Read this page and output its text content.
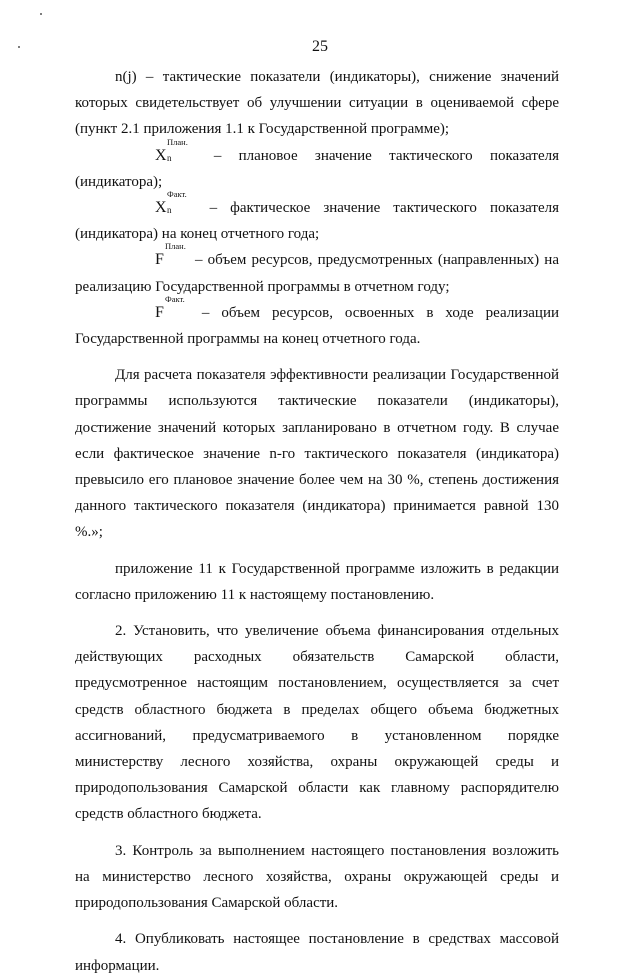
25

n(j) – тактические показатели (индикаторы), снижение значений которых свидетельствует об улучшении ситуации в оцениваемой сфере (пункт 2.1 приложения 1.1 к Государственной программе);

X
План.
n – плановое значение тактического показателя (индикатора);

X
Факт.
n – фактическое значение тактического показателя (индикатора) на конец отчетного года;

F
План.
– объем ресурсов, предусмотренных (направленных) на реализацию Государственной программы в отчетном году;

F
Факт.
– объем ресурсов, освоенных в ходе реализации Государственной программы на конец отчетного года.

Для расчета показателя эффективности реализации Государственной программы используются тактические показатели (индикаторы), достижение значений которых запланировано в отчетном году. В случае если фактическое значение n-го тактического показателя (индикатора) превысило его плановое значение более чем на 30 %, степень достижения данного тактического показателя (индикатора) принимается равной 130 %.»;

приложение 11 к Государственной программе изложить в редакции согласно приложению 11 к настоящему постановлению.

2. Установить, что увеличение объема финансирования отдельных действующих расходных обязательств Самарской области, предусмотренное настоящим постановлением, осуществляется за счет средств областного бюджета в пределах общего объема бюджетных ассигнований, предусматриваемого в установленном порядке министерству лесного хозяйства, охраны окружающей среды и природопользования Самарской области как главному распорядителю средств областного бюджета.

3. Контроль за выполнением настоящего постановления возложить на министерство лесного хозяйства, охраны окружающей среды и природопользования Самарской области.

4. Опубликовать настоящее постановление в средствах массовой информации.
